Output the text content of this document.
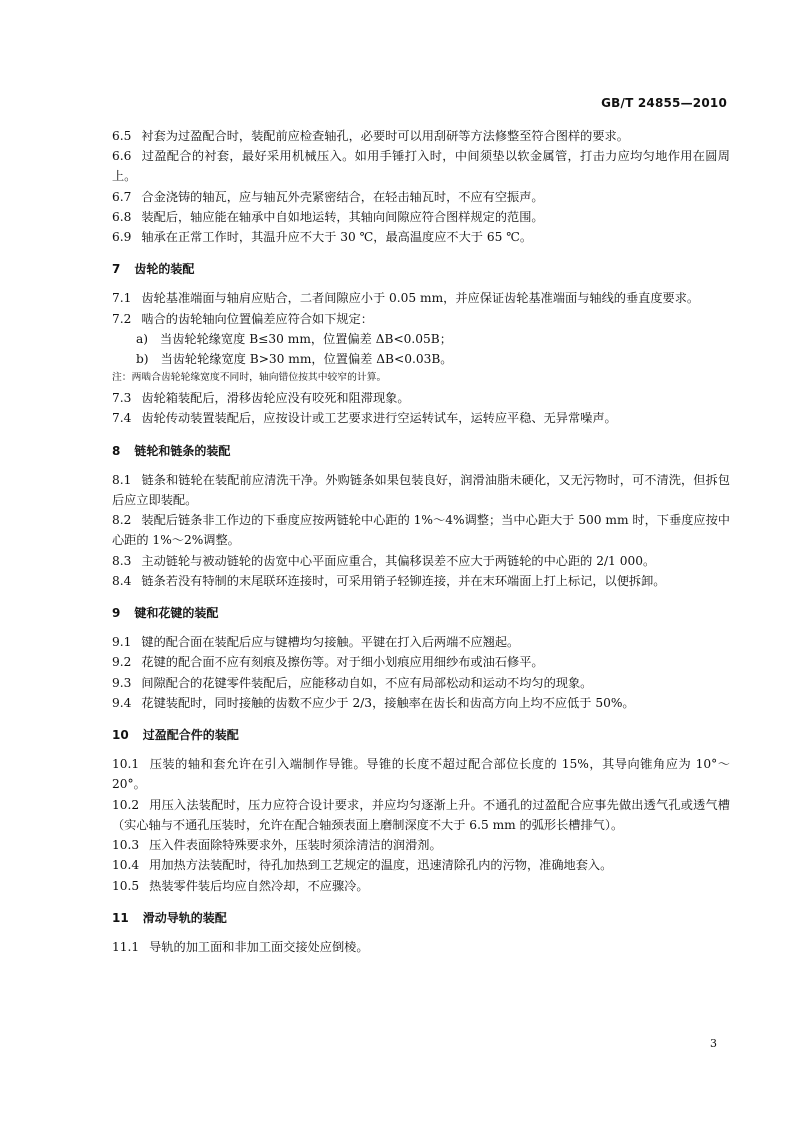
GB/T 24855—2010
6.5 衬套为过盈配合时，装配前应检查轴孔，必要时可以用刮研等方法修整至符合图样的要求。
6.6 过盈配合的衬套，最好采用机械压入。如用手锤打入时，中间须垫以软金属管，打击力应均匀地作用在圆周上。
6.7 合金浇铸的轴瓦，应与轴瓦外壳紧密结合，在轻击轴瓦时，不应有空振声。
6.8 装配后，轴应能在轴承中自如地运转，其轴向间隙应符合图样规定的范围。
6.9 轴承在正常工作时，其温升应不大于 30 ℃，最高温度应不大于 65 ℃。
7 齿轮的装配
7.1 齿轮基准端面与轴肩应贴合，二者间隙应小于 0.05 mm，并应保证齿轮基准端面与轴线的垂直度要求。
7.2 啮合的齿轮轴向位置偏差应符合如下规定：
a) 当齿轮轮缘宽度 B≤30 mm，位置偏差 ΔB<0.05B；
b) 当齿轮轮缘宽度 B>30 mm，位置偏差 ΔB<0.03B。
注：两啮合齿轮轮缘宽度不同时，轴向错位按其中较窄的计算。
7.3 齿轮箱装配后，滑移齿轮应没有咬死和阻滞现象。
7.4 齿轮传动装置装配后，应按设计或工艺要求进行空运转试车，运转应平稳、无异常噪声。
8 链轮和链条的装配
8.1 链条和链轮在装配前应清洗干净。外购链条如果包装良好，润滑油脂未硬化，又无污物时，可不清洗，但拆包后应立即装配。
8.2 装配后链条非工作边的下垂度应按两链轮中心距的 1%～4%调整；当中心距大于 500 mm 时，下垂度应按中心距的 1%～2%调整。
8.3 主动链轮与被动链轮的齿宽中心平面应重合，其偏移误差不应大于两链轮的中心距的 2/1 000。
8.4 链条若没有特制的末尾联环连接时，可采用销子轻铆连接，并在末环端面上打上标记，以便拆卸。
9 键和花键的装配
9.1 键的配合面在装配后应与键槽均匀接触。平键在打入后两端不应翘起。
9.2 花键的配合面不应有刻痕及擦伤等。对于细小划痕应用细纱布或油石修平。
9.3 间隙配合的花键零件装配后，应能移动自如，不应有局部松动和运动不均匀的现象。
9.4 花键装配时，同时接触的齿数不应少于 2/3，接触率在齿长和齿高方向上均不应低于 50%。
10 过盈配合件的装配
10.1 压装的轴和套允许在引入端制作导锥。导锥的长度不超过配合部位长度的 15%，其导向锥角应为 10°～20°。
10.2 用压入法装配时，压力应符合设计要求，并应均匀逐渐上升。不通孔的过盈配合应事先做出透气孔或透气槽（实心轴与不通孔压装时，允许在配合轴颈表面上磨制深度不大于 6.5 mm 的弧形长槽排气）。
10.3 压入件表面除特殊要求外，压装时须涂清洁的润滑剂。
10.4 用加热方法装配时，待孔加热到工艺规定的温度，迅速清除孔内的污物，准确地套入。
10.5 热装零件装后均应自然冷却，不应骤冷。
11 滑动导轨的装配
11.1 导轨的加工面和非加工面交接处应倒棱。
3
